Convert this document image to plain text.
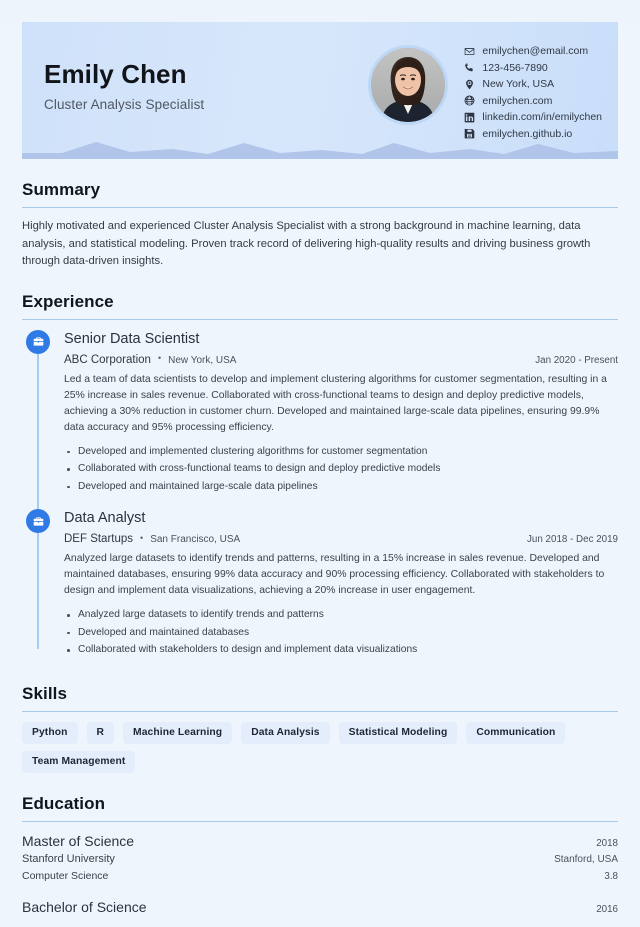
Emily Chen
Cluster Analysis Specialist
emilychen@email.com
123-456-7890
New York, USA
emilychen.com
linkedin.com/in/emilychen
emilychen.github.io
Summary

Highly motivated and experienced Cluster Analysis Specialist with a strong background in machine learning, data analysis, and statistical modeling. Proven track record of delivering high-quality results and driving business growth through data-driven insights.

Experience
Senior Data Scientist
ABC Corporation • New York, USA	Jan 2020 - Present

Led a team of data scientists to develop and implement clustering algorithms for customer segmentation, resulting in a 25% increase in sales revenue. Collaborated with cross-functional teams to design and deploy predictive models, achieving a 30% reduction in customer churn. Developed and maintained large-scale data pipelines, ensuring 99.9% data accuracy and 95% processing efficiency.

Developed and implemented clustering algorithms for customer segmentation
Collaborated with cross-functional teams to design and deploy predictive models
Developed and maintained large-scale data pipelines
Data Analyst
DEF Startups • San Francisco, USA	Jun 2018 - Dec 2019

Analyzed large datasets to identify trends and patterns, resulting in a 15% increase in sales revenue. Developed and maintained databases, ensuring 99% data accuracy and 90% processing efficiency. Collaborated with stakeholders to design and implement data visualizations, achieving a 20% increase in user engagement.

Analyzed large datasets to identify trends and patterns
Developed and maintained databases
Collaborated with stakeholders to design and implement data visualizations
Skills
Python	R	Machine Learning	Data Analysis	Statistical Modeling	Communication
Team Management
Education
Master of Science	2018
Stanford University	Stanford, USA
Computer Science	3.8
Bachelor of Science	2016
